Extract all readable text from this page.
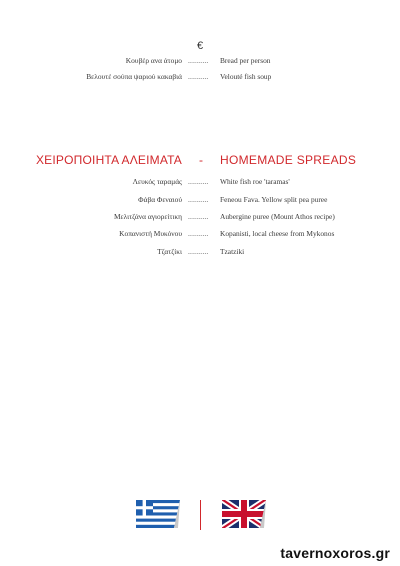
€
Κουβέρ ανα άτομο ..........	Bread per person
Βελουτέ σούπα ψαριού κακαβιά ..........	Velouté fish soup
ΧΕΙΡΟΠΟΙΗΤΑ ΑΛΕΙΜΑΤΑ - HOMEMADE SPREADS
Λευκός ταραμάς ..........	White fish roe 'taramas'
Φάβα Φεναιού ..........	Feneou Fava. Yellow split pea puree
Μελιτζάνα αγιορείτικη ..........	Aubergine puree (Mount Athos recipe)
Κοπανιστή Μυκόνου ..........	Kopanisti, local cheese from Mykonos
Τζατζίκι ..........	Tzatziki
tavernoxoros.gr
